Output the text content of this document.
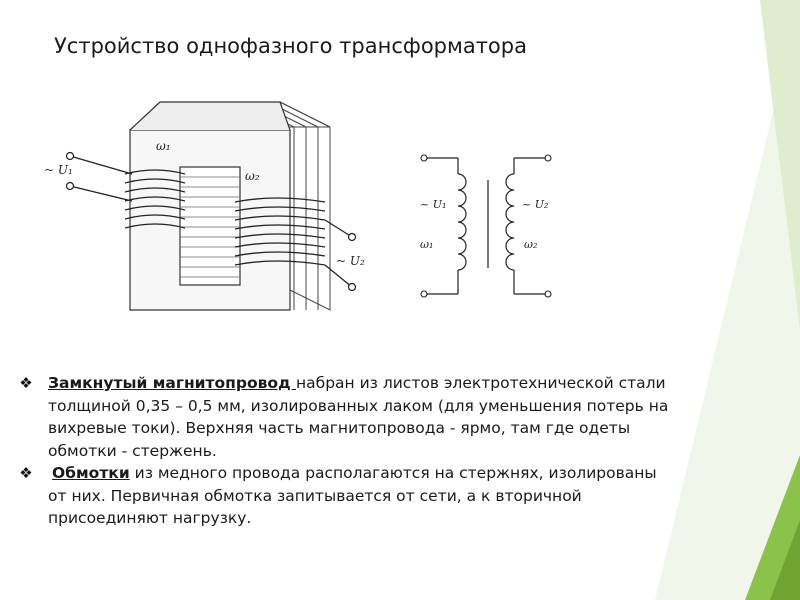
Устройство однофазного трансформатора
ω₁
ω₂
~ U₁
~ U₂
~ U₁
ω₁
~ U₂
ω₂
❖ Замкнутый магнитопровод набран из листов электротехнической стали толщиной 0,35 – 0,5 мм, изолированных лаком (для уменьшения потерь на вихревые токи). Верхняя часть магнитопровода - ярмо, там где одеты обмотки - стержень.
❖ Обмотки из медного провода располагаются на стержнях, изолированы от них. Первичная обмотка запитывается от сети, а к вторичной присоединяют нагрузку.
